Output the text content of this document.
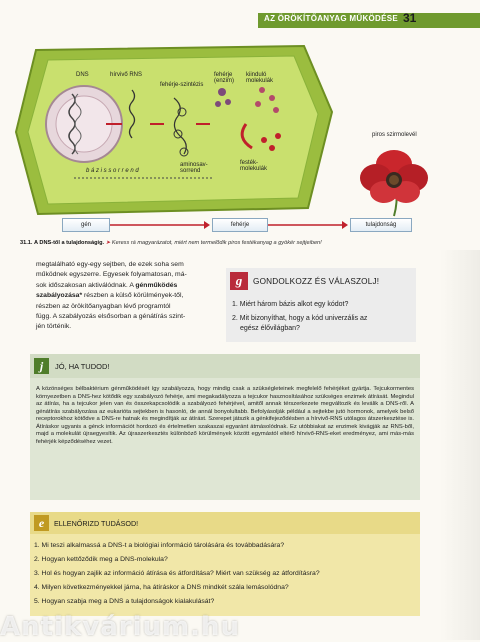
AZ ÖRÖKÍTŐANYAG MŰKÖDÉSE 31
DNS	hírvivő RNS	fehérje (enzim)
kiinduló molekulák
fehérje-szintézis
aminosav-sorrend
festék-molekulák
b á z i s s o r r e n d
piros szirmolevél
gén	fehérje	tulajdonság
31.1. A DNS-től a tulajdonságig. ➤ Keress rá magyarázatot, miért nem termelődik piros festékanyag a gyökér sejtjeiben!

megtalálható egy-egy sejtben, de ezek soha sem

működnek egyszerre. Egyesek folyamatosan, má-

sok időszakosan aktiválódnak. A génműködés

szabályozása* részben a külső körülmények-től,

részben az örökítőanyagban lévő programtól

függ. A szabályozás elsősorban a génátírás szint-

jén történik.

g	GONDOLKOZZ ÉS VÁLASZOLJ!
1. Miért három bázis alkot egy kódot?
2. Mit bizonyíthat, hogy a kód univerzális az
egész élővilágban?
j	JÓ, HA TUDOD!
A közönséges bélbaktérium génműködését így szabályozza, hogy mindig csak a szükségleteinek megfelelő fehérjéket gyártja. Tejcukormentes környezetben a DNS-hez kötődik egy szabályozó fehérje, ami megakadályozza a tejcukor hasznosításához szükséges enzimek átírását. Megindul az átírás, ha a tejcukor jelen van és összekapcsolódik a szabályozó fehérjével, amitől annak térszerkezete megváltozik és leválik a DNS-ről. A génátírás szabályozása az eukarióta sejtekben is hasonló, de annál bonyolultabb. Befolyásolják például a sejtekbe jutó hormonok, amelyek belső receptorokhoz kötődve a DNS-re hatnak és megindítják az átírást. Szerepet játszik a génkifejeződésben a hírvivő-RNS utólagos átszerkesztése is. Átíráskor ugyanis a génck információt hordozó és értelmetlen szakaszai egyaránt átmásolódnak. Ez utóbbiakat az enzimek kivágják az RNS-ből, majd a molekulát újraegyesítik. Az újraszerkesztés különböző körülmények között egymástól eltérő hírvivő-RNS-eket eredményez, ami más-más fehérjék képződéséhez vezet.
e	ELLENŐRIZD TUDÁSOD!
1. Mi teszi alkalmassá a DNS-t a biológiai információ tárolására és továbbadására?
2. Hogyan kettőződik meg a DNS-molekula?
3. Hol és hogyan zajlik az információ átírása és átfordítása? Miért van szükség az átfordításra?
4. Milyen következményekkel járna, ha átíráskor a DNS mindkét szála lemásolódna?
5. Hogyan szabja meg a DNS a tulajdonságok kialakulását?
Antikvárium.hu
